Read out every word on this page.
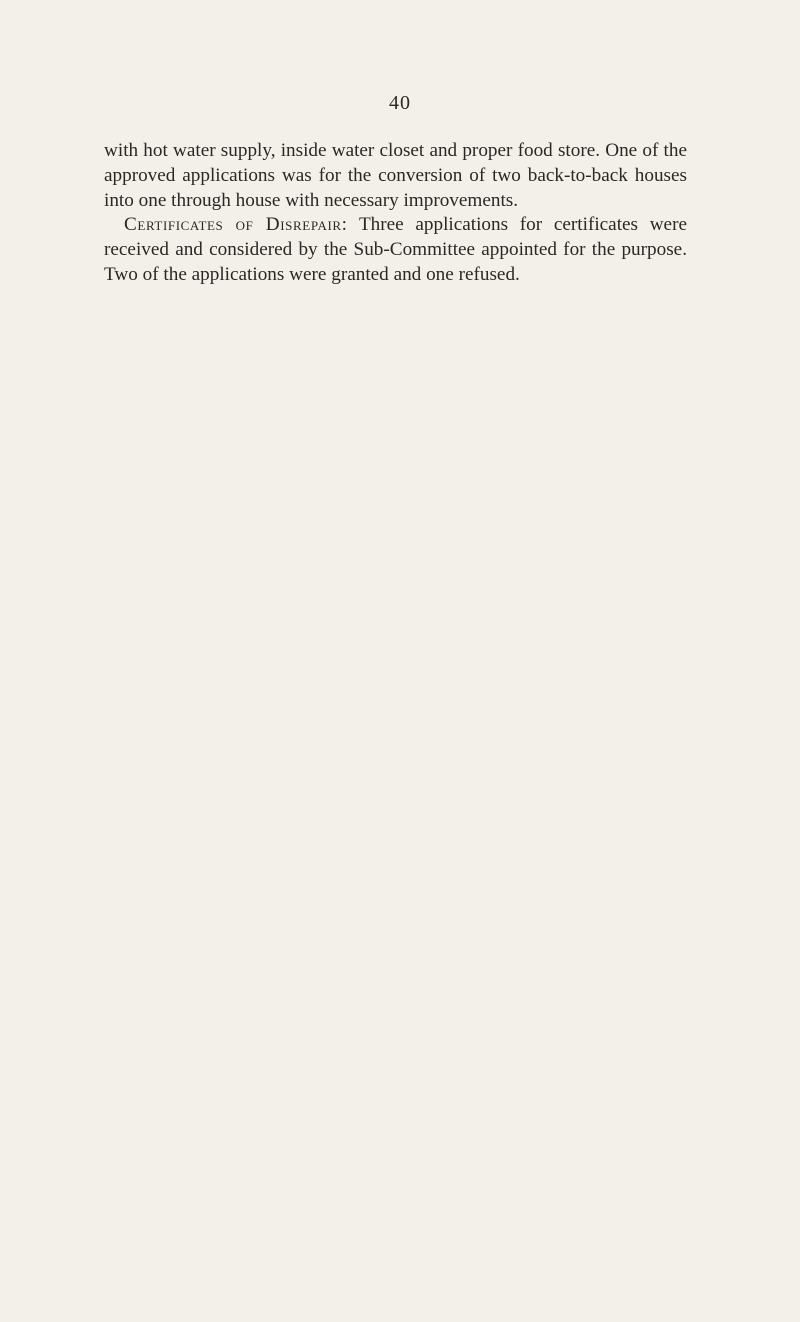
40

with hot water supply, inside water closet and proper food store. One of the approved applications was for the conversion of two back-to-back houses into one through house with necessary improvements.

Certificates of Disrepair: Three applications for certificates were received and considered by the Sub-Committee appointed for the purpose. Two of the applications were granted and one refused.
